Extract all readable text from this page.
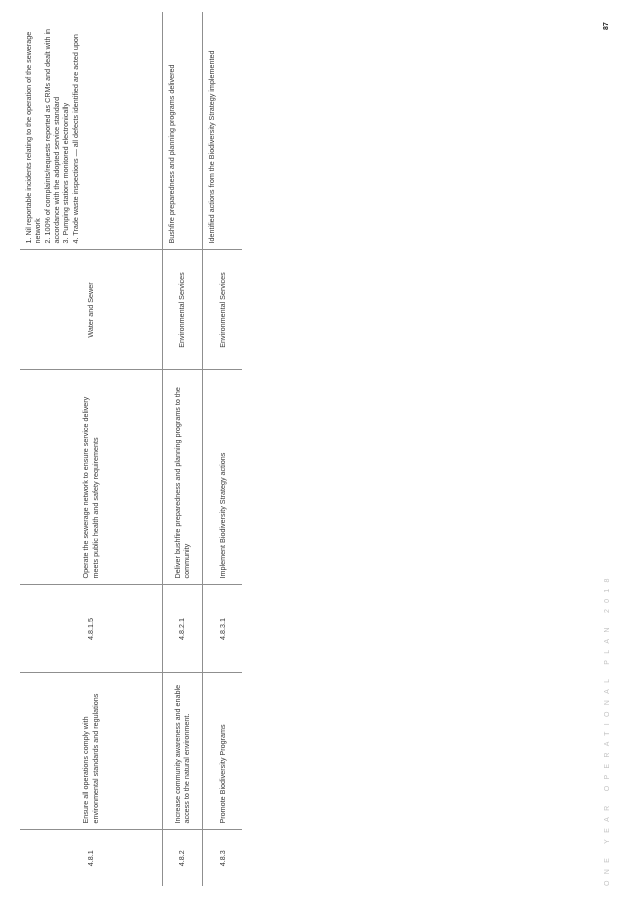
4.8.1	Ensure all operations comply with environmental standards and regulations	4.8.1.5	Operate the sewerage network to ensure service delivery meets public health and safety requirements	Water and Sewer	1. Nil reportable incidents relating to the operation of the sewerage network
2. 100% of complaints/requests reported as CRMs and dealt with in accordance with the adopted service standard
3. Pumping stations monitored electronically
4. Trade waste inspections — all defects identified are acted upon
4.8.2	Increase community awareness and enable access to the natural environment.	4.8.2.1	Deliver bushfire preparedness and planning programs to the community	Environmental Services	Bushfire preparedness and planning programs delivered
4.8.3	Promote Biodiversity Programs	4.8.3.1	Implement Biodiversity Strategy actions	Environmental Services	Identified actions from the Biodiversity Strategy implemented
ONE YEAR OPERATIONAL PLAN 2018
87
